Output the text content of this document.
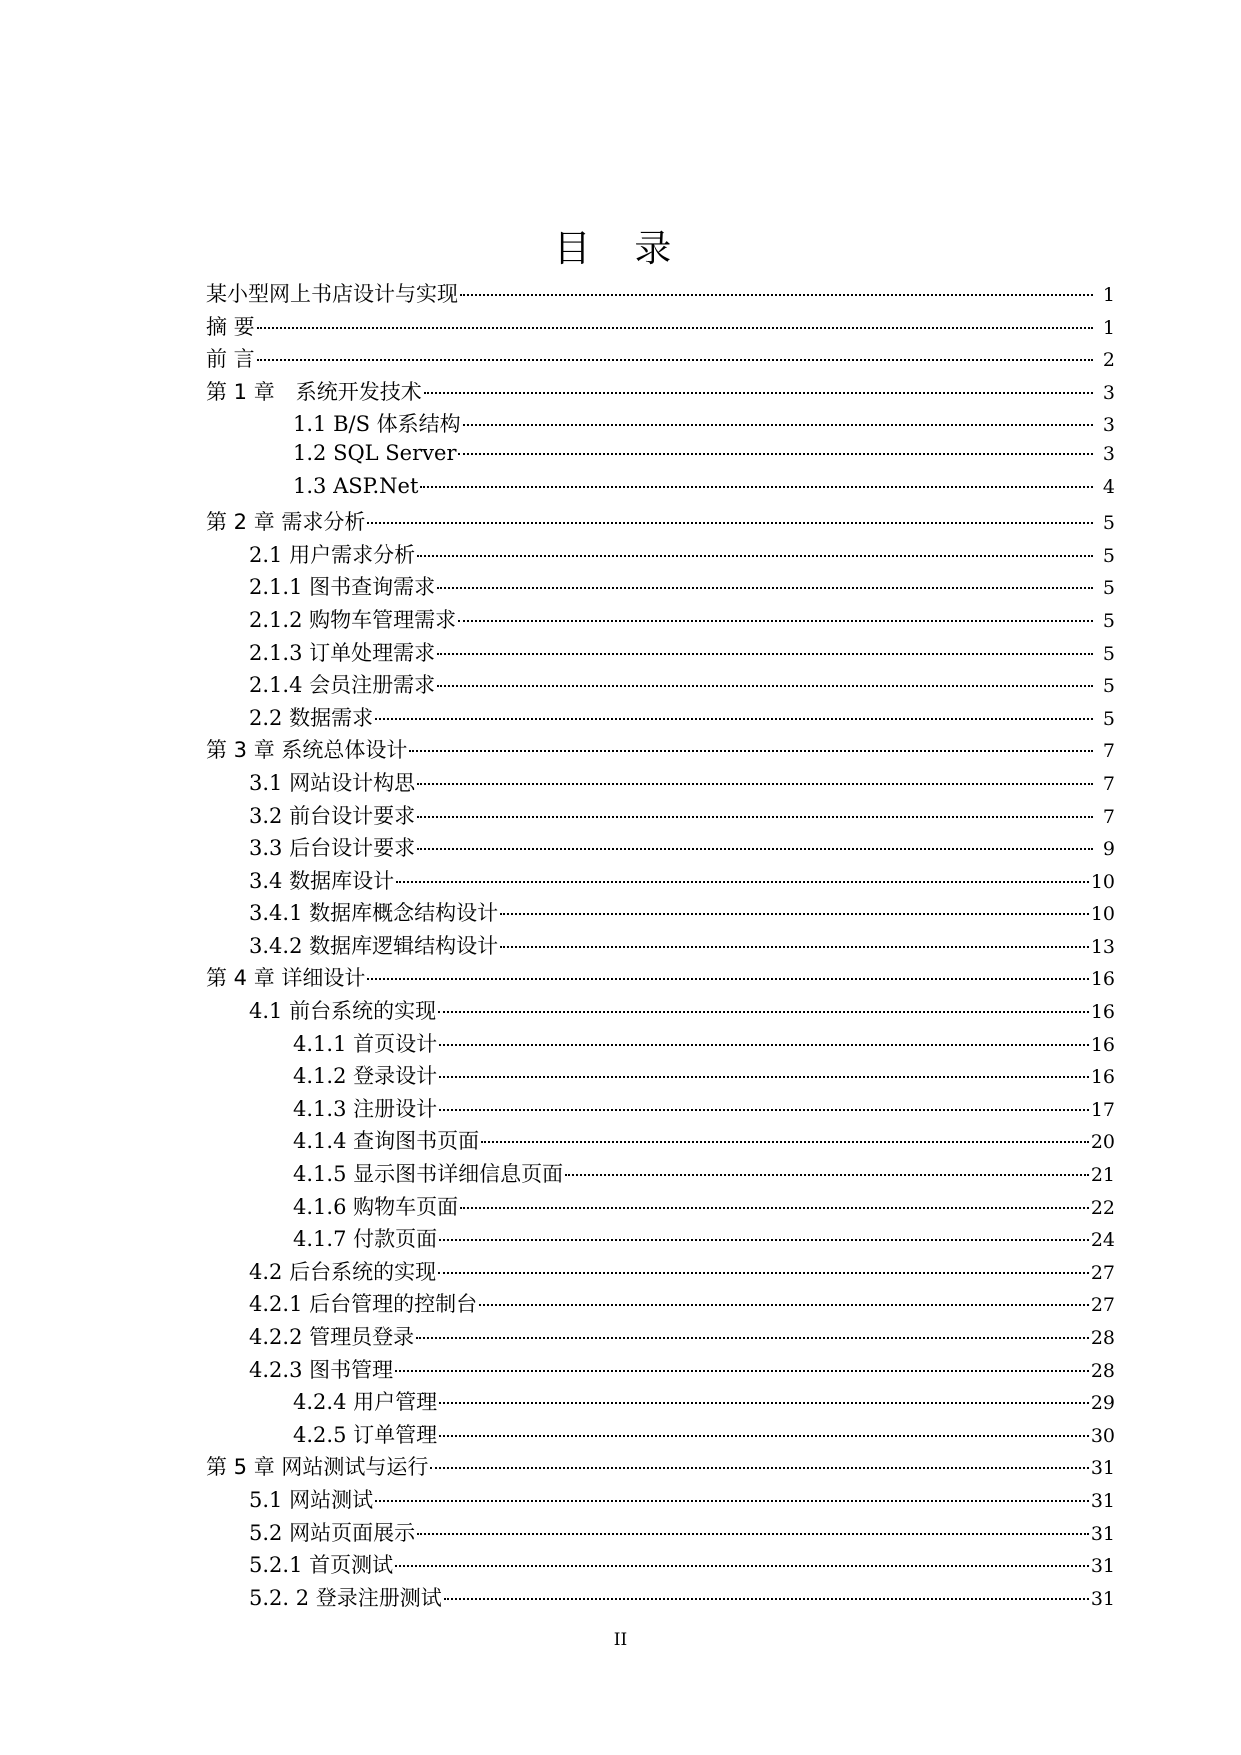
目 录
某小型网上书店设计与实现	1
摘 要	1
前 言	2
第 1 章　系统开发技术	3
1.1 B/S 体系结构	3
1.2 SQL Server	3
1.3 ASP.Net	4
第 2 章 需求分析	5
2.1 用户需求分析	5
2.1.1 图书查询需求	5
2.1.2 购物车管理需求	5
2.1.3 订单处理需求	5
2.1.4 会员注册需求	5
2.2 数据需求	5
第 3 章 系统总体设计	7
3.1 网站设计构思	7
3.2 前台设计要求	7
3.3 后台设计要求	9
3.4 数据库设计	10
3.4.1 数据库概念结构设计	10
3.4.2 数据库逻辑结构设计	13
第 4 章 详细设计	16
4.1 前台系统的实现	16
4.1.1 首页设计	16
4.1.2 登录设计	16
4.1.3 注册设计	17
4.1.4 查询图书页面	20
4.1.5 显示图书详细信息页面	21
4.1.6 购物车页面	22
4.1.7 付款页面	24
4.2 后台系统的实现	27
4.2.1 后台管理的控制台	27
4.2.2 管理员登录	28
4.2.3 图书管理	28
4.2.4 用户管理	29
4.2.5 订单管理	30
第 5 章 网站测试与运行	31
5.1 网站测试	31
5.2 网站页面展示	31
5.2.1 首页测试	31
5.2. 2 登录注册测试	31
II
